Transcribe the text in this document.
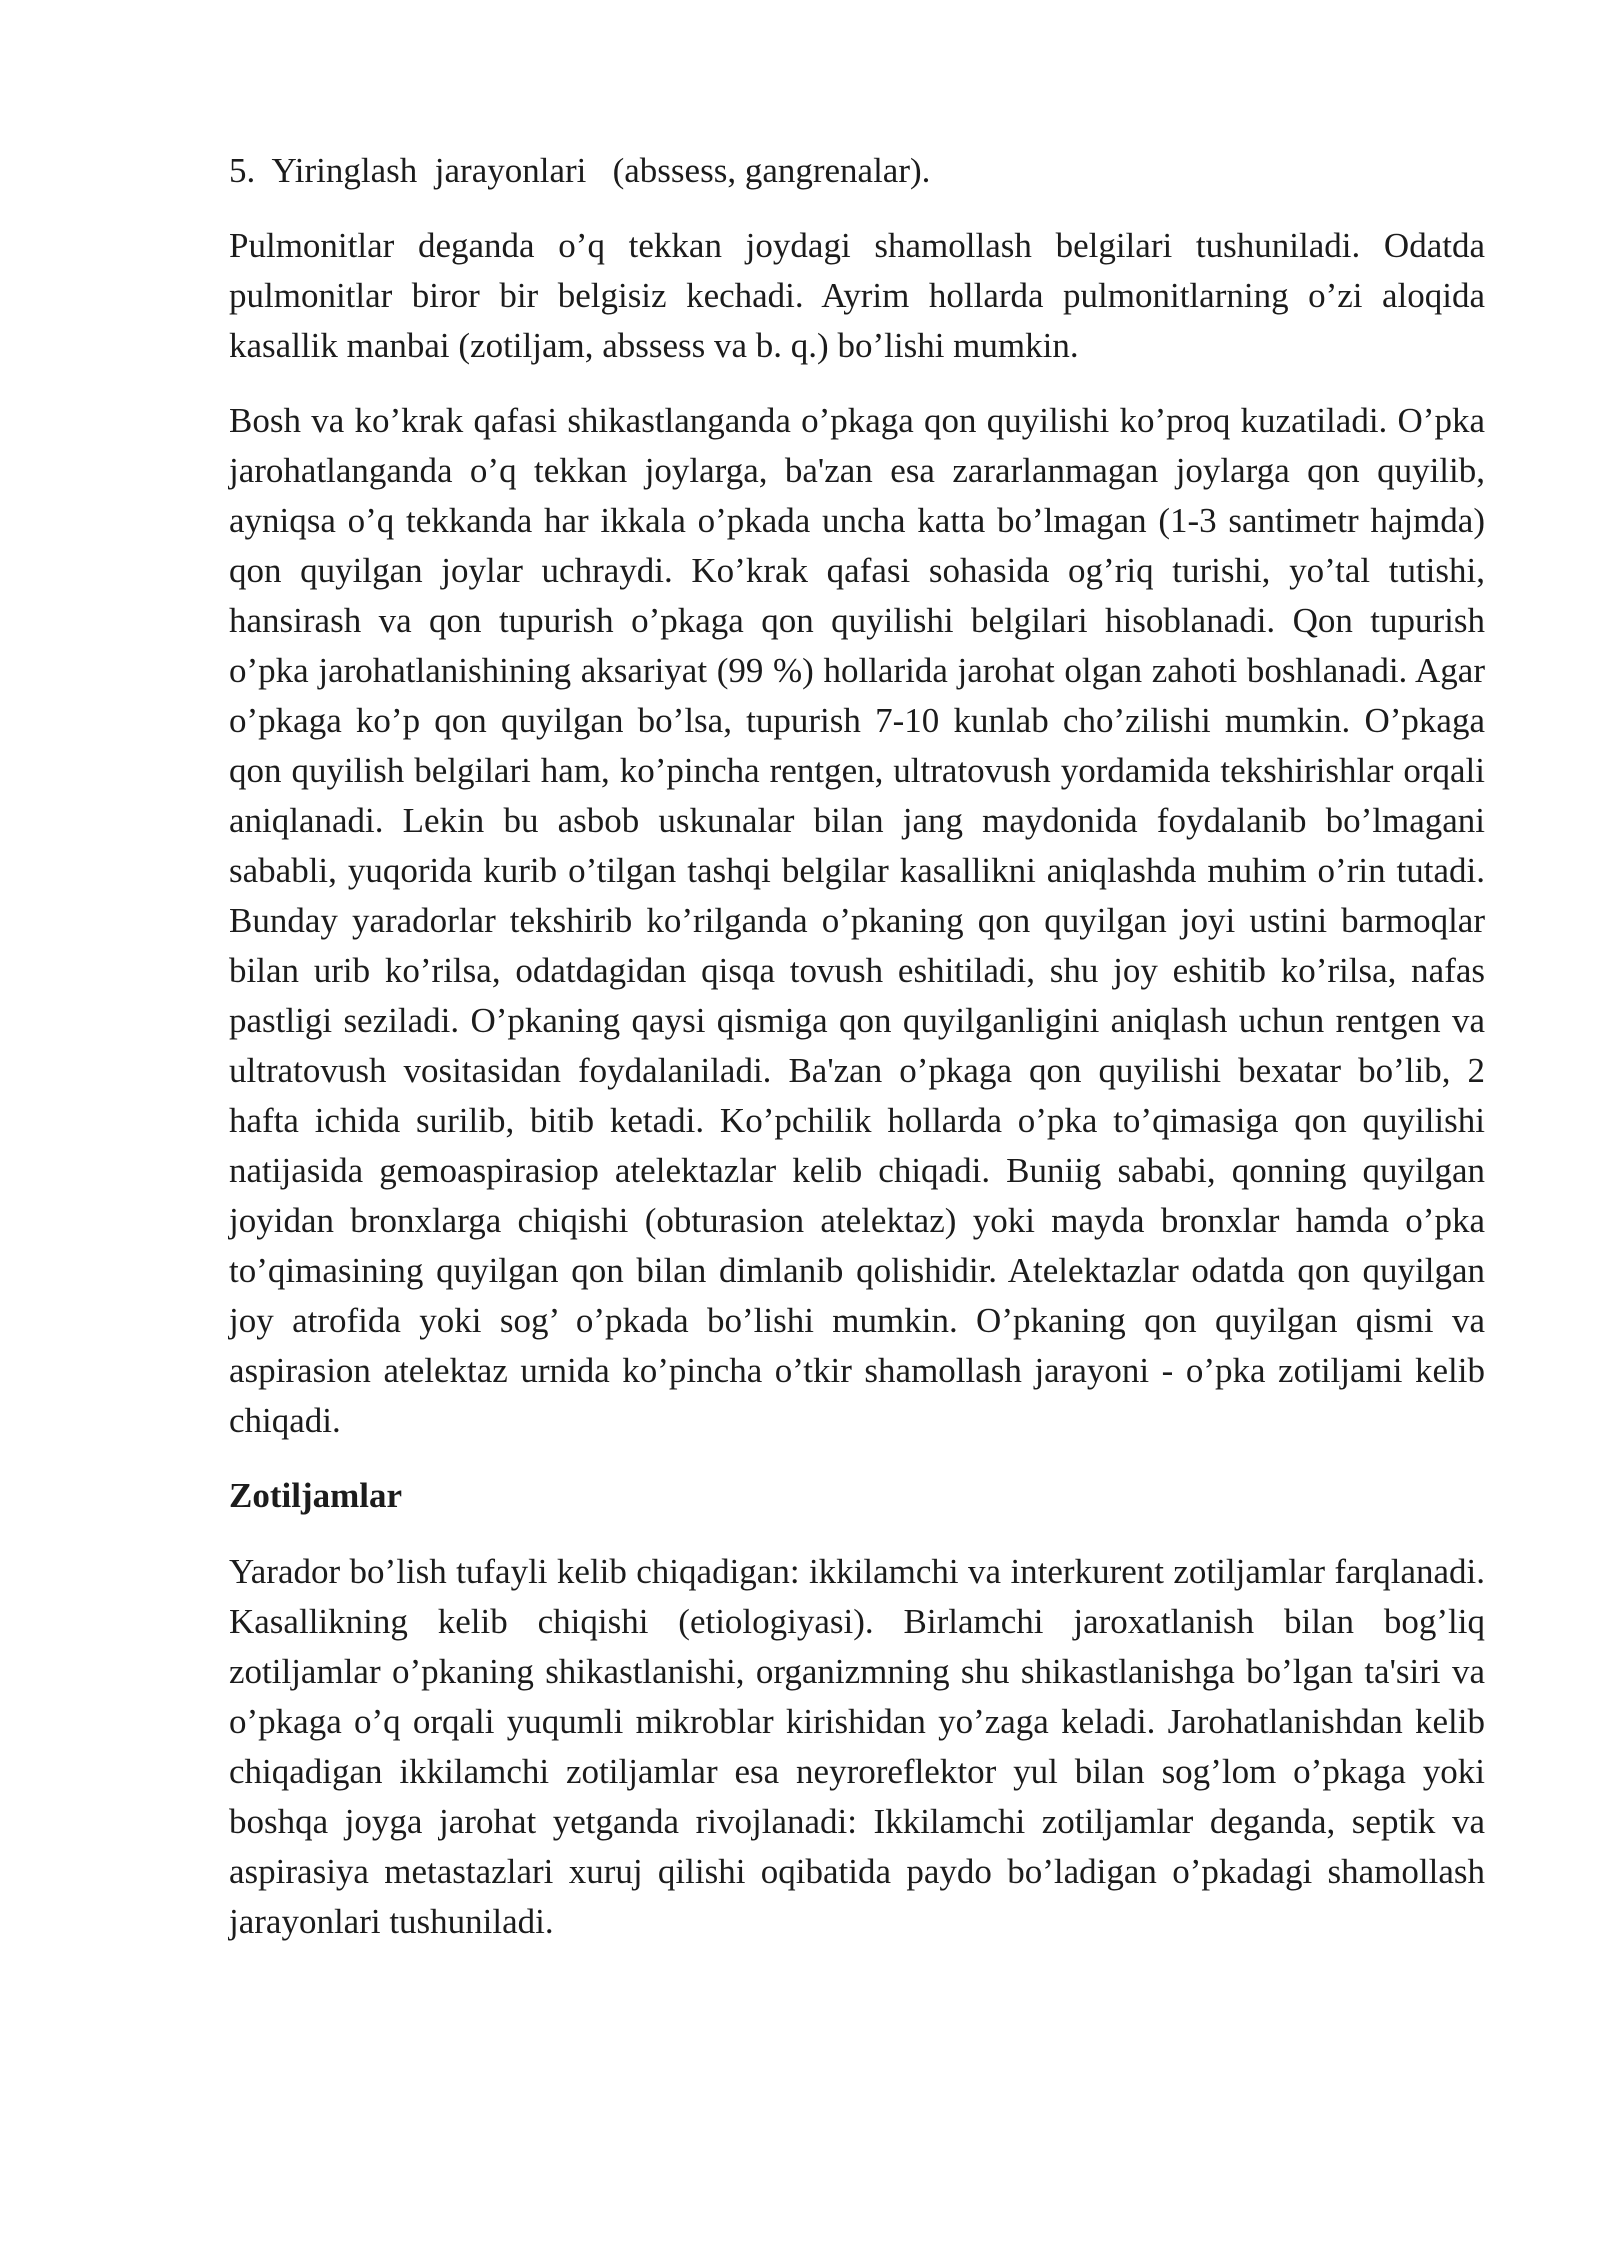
5.  Yiringlash  jarayonlari   (abssess, gangrenalar).

Pulmonitlar deganda o’q tekkan joydagi shamollash belgilari tushuniladi. Odatda pulmonitlar biror bir belgisiz kechadi. Ayrim hollarda pulmonitlarning o’zi aloqida kasallik manbai (zotiljam, abssess va b. q.) bo’lishi mumkin.

Bosh va ko’krak qafasi shikastlanganda o’pkaga qon quyilishi ko’proq kuzatiladi. O’pka jarohatlanganda o’q tekkan joylarga, ba'zan esa zararlanmagan joylarga qon quyilib, ayniqsa o’q tekkanda har ikkala o’pkada uncha katta bo’lmagan (1-3 santimetr hajmda) qon quyilgan joylar uchraydi. Ko’krak qafasi sohasida og’riq turishi, yo’tal tutishi, hansirash va qon tupurish o’pkaga qon quyilishi belgilari hisoblanadi. Qon tupurish o’pka jarohatlanishining aksariyat (99 %) hollarida jarohat olgan zahoti boshlanadi. Agar o’pkaga ko’p qon quyilgan bo’lsa, tupurish 7-10 kunlab cho’zilishi mumkin. O’pkaga qon quyilish belgilari ham, ko’pincha rentgen, ultratovush yordamida tekshirishlar orqali aniqlanadi. Lekin bu asbob uskunalar bilan jang maydonida foydalanib bo’lmagani sababli, yuqorida kurib o’tilgan tashqi belgilar kasallikni aniqlashda muhim o’rin tutadi. Bunday yaradorlar tekshirib ko’rilganda o’pkaning qon quyilgan joyi ustini barmoqlar bilan urib ko’rilsa, odatdagidan qisqa tovush eshitiladi, shu joy eshitib ko’rilsa, nafas pastligi seziladi. O’pkaning qaysi qismiga qon quyilganligini aniqlash uchun rentgen va ultratovush vositasidan foydalaniladi. Ba'zan o’pkaga qon quyilishi bexatar bo’lib, 2 hafta ichida surilib, bitib ketadi. Ko’pchilik hollarda o’pka to’qimasiga qon quyilishi natijasida gemoaspirasiop atelektazlar kelib chiqadi. Buniig sababi, qonning quyilgan joyidan bronxlarga chiqishi (obturasion atelektaz) yoki mayda bronxlar hamda o’pka to’qimasining quyilgan qon bilan dimlanib qolishidir. Atelektazlar odatda qon quyilgan joy atrofida yoki sog’ o’pkada bo’lishi mumkin. O’pkaning qon quyilgan qismi va aspirasion atelektaz urnida ko’pincha o’tkir shamollash jarayoni - o’pka zotiljami kelib chiqadi.

Zotiljamlar

Yarador bo’lish tufayli kelib chiqadigan: ikkilamchi va interkurent zotiljamlar farqlanadi. Kasallikning kelib chiqishi (etiologiyasi). Birlamchi jaroxatlanish bilan bog’liq zotiljamlar o’pkaning shikastlanishi, organizmning shu shikastlanishga bo’lgan ta'siri va o’pkaga o’q orqali yuqumli mikroblar kirishidan yo’zaga keladi. Jarohatlanishdan kelib chiqadigan ikkilamchi zotiljamlar esa neyroreflektor yul bilan sog’lom o’pkaga yoki boshqa joyga jarohat yetganda rivojlanadi: Ikkilamchi zotiljamlar deganda, septik va aspirasiya metastazlari xuruj qilishi oqibatida paydo bo’ladigan o’pkadagi shamollash jarayonlari tushuniladi.
